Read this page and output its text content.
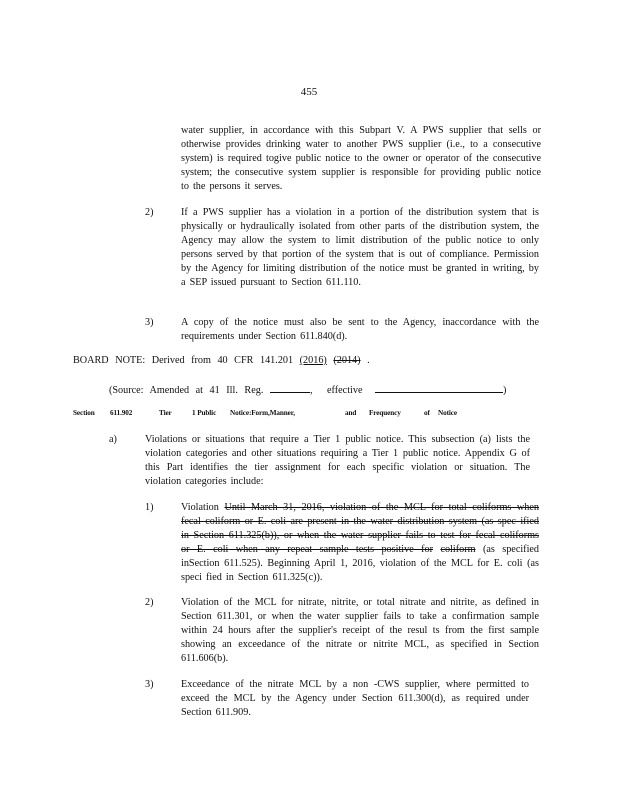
455
water supplier, in accordance with this Subpart V. A PWS supplier that sells or otherwise provides drinking water to another PWS supplier (i.e., to a consecutive system) is required togive public notice to the owner or operator of the consecutive system; the consecutive system supplier is responsible for providing public notice to the persons it serves.
2)	If a PWS supplier has a violation in a portion of the distribution system that is physically or hydraulically isolated from other parts of the distribution system, the Agency may allow the system to limit distribution of the public notice to only persons served by that portion of the system that is out of compliance. Permission by the Agency for limiting distribution of the notice must be granted in writing, by a SEP issued pursuant to Section 611.110.
3)	A copy of the notice must also be sent to the Agency, inaccordance with the requirements under Section 611.840(d).
BOARD NOTE: Derived from 40 CFR 141.201 (2016) (2014) .
(Source: Amended at 41 Ill. Reg.	, effective	)
Section 611.902	Tier	1 Public Notice:Form,Manner,	and Frequency	of Notice
a)	Violations or situations that require a Tier 1 public notice. This subsection (a) lists the violation categories and other situations requiring a Tier 1 public notice. Appendix G of this Part identifies the tier assignment for each specific violation or situation. The violation categories include:
1)	Violation Until March 31, 2016, violation of the MCL for total coliforms when fecal coliform or E. coli are present in the water distribution system (as spec ified in Section 611.325(b)), or when the water supplier fails to test for fecal coliforms or E. coli when any repeat sample tests positive for coliform (as specified inSection 611.525). Beginning April 1, 2016, violation of the MCL for E. coli (as speci fied in Section 611.325(c)).
2)	Violation of the MCL for nitrate, nitrite, or total nitrate and nitrite, as defined in Section 611.301, or when the water supplier fails to take a confirmation sample within 24 hours after the supplier's receipt of the resul ts from the first sample showing an exceedance of the nitrate or nitrite MCL, as specified in Section 611.606(b).
3)	Exceedance of the nitrate MCL by a non -CWS supplier, where permitted to exceed the MCL by the Agency under Section 611.300(d), as required under Section 611.909.
